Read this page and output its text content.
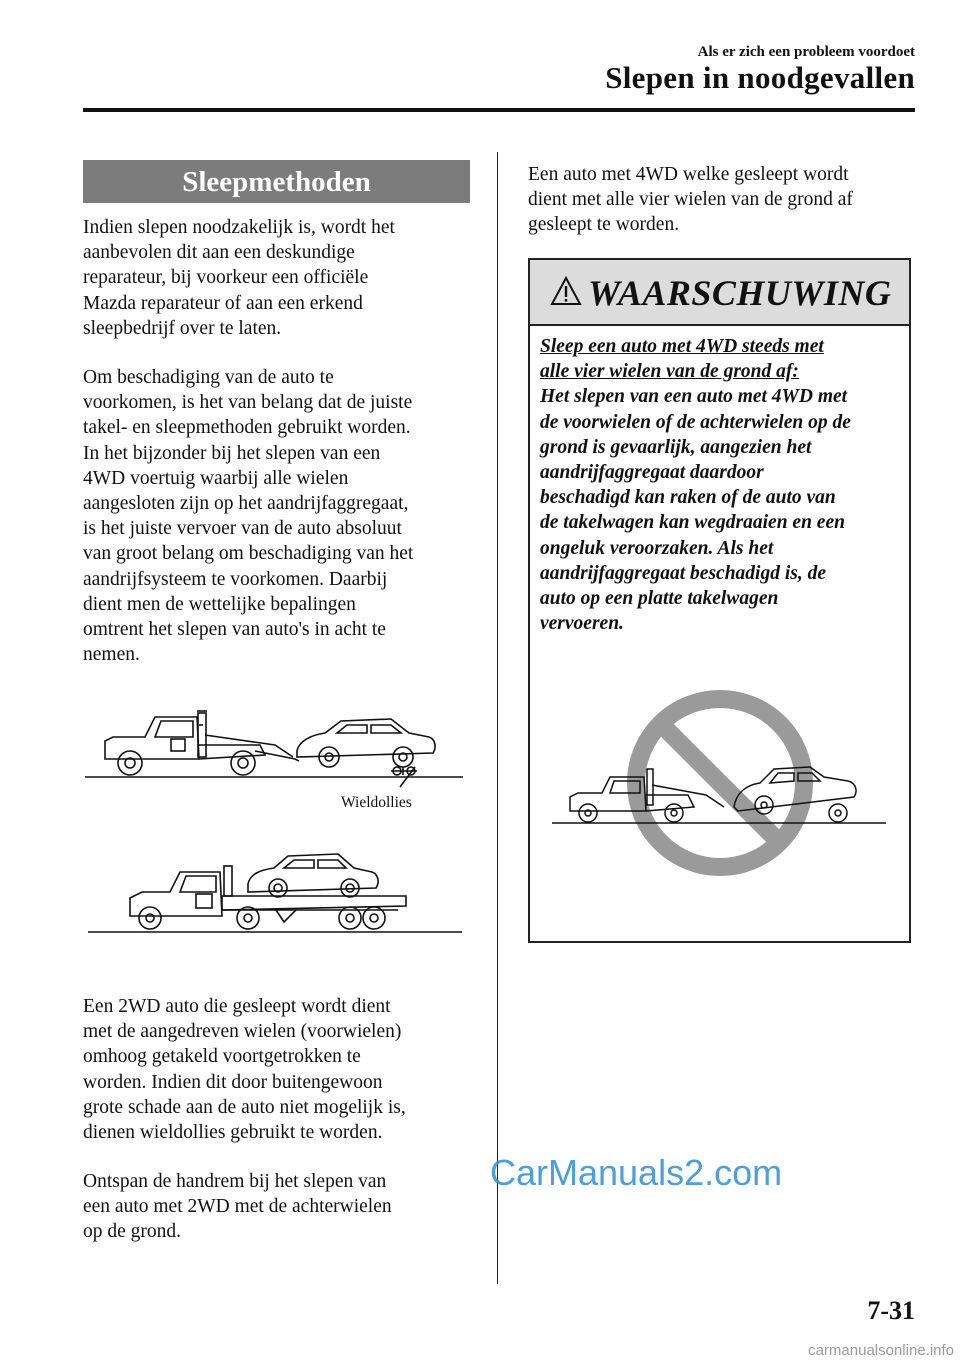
Als er zich een probleem voordoet
Slepen in noodgevallen
Sleepmethoden

Indien slepen noodzakelijk is, wordt het
aanbevolen dit aan een deskundige
reparateur, bij voorkeur een officiële
Mazda reparateur of aan een erkend
sleepbedrijf over te laten.

Om beschadiging van de auto te
voorkomen, is het van belang dat de juiste
takel- en sleepmethoden gebruikt worden.
In het bijzonder bij het slepen van een
4WD voertuig waarbij alle wielen
aangesloten zijn op het aandrijfaggregaat,
is het juiste vervoer van de auto absoluut
van groot belang om beschadiging van het
aandrijfsysteem te voorkomen. Daarbij
dient men de wettelijke bepalingen
omtrent het slepen van auto's in acht te
nemen.

Wieldollies

Een 2WD auto die gesleept wordt dient
met de aangedreven wielen (voorwielen)
omhoog getakeld voortgetrokken te
worden. Indien dit door buitengewoon
grote schade aan de auto niet mogelijk is,
dienen wieldollies gebruikt te worden.

Ontspan de handrem bij het slepen van
een auto met 2WD met de achterwielen
op de grond.

Een auto met 4WD welke gesleept wordt
dient met alle vier wielen van de grond af
gesleept te worden.

WAARSCHUWING
Sleep een auto met 4WD steeds met
alle vier wielen van de grond af:
Het slepen van een auto met 4WD met
de voorwielen of de achterwielen op de
grond is gevaarlijk, aangezien het
aandrijfaggregaat daardoor
beschadigd kan raken of de auto van
de takelwagen kan wegdraaien en een
ongeluk veroorzaken. Als het
aandrijfaggregaat beschadigd is, de
auto op een platte takelwagen
vervoeren.
CarManuals2.com
7-31
carmanualsonline.info
